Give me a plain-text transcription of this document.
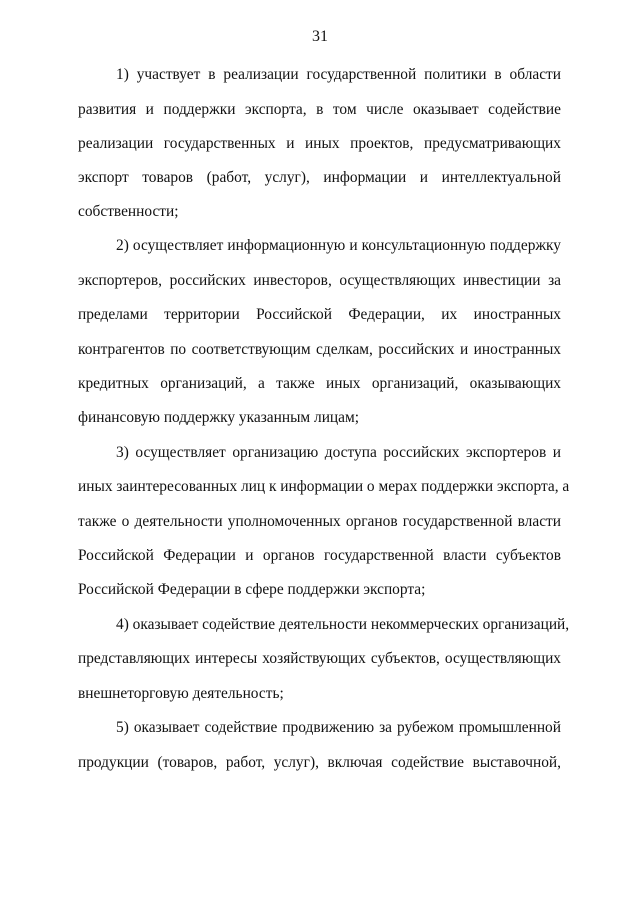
31
1) участвует в реализации государственной политики в области
развития и поддержки экспорта, в том числе оказывает содействие
реализации государственных и иных проектов, предусматривающих
экспорт товаров (работ, услуг), информации и интеллектуальной
собственности;
2) осуществляет информационную и консультационную поддержку
экспортеров, российских инвесторов, осуществляющих инвестиции за
пределами территории Российской Федерации, их иностранных
контрагентов по соответствующим сделкам, российских и иностранных
кредитных организаций, а также иных организаций, оказывающих
финансовую поддержку указанным лицам;
3) осуществляет организацию доступа российских экспортеров и
иных заинтересованных лиц к информации о мерах поддержки экспорта, а
также о деятельности уполномоченных органов государственной власти
Российской Федерации и органов государственной власти субъектов
Российской Федерации в сфере поддержки экспорта;
4) оказывает содействие деятельности некоммерческих организаций,
представляющих интересы хозяйствующих субъектов, осуществляющих
внешнеторговую деятельность;
5) оказывает содействие продвижению за рубежом промышленной
продукции (товаров, работ, услуг), включая содействие выставочной,
